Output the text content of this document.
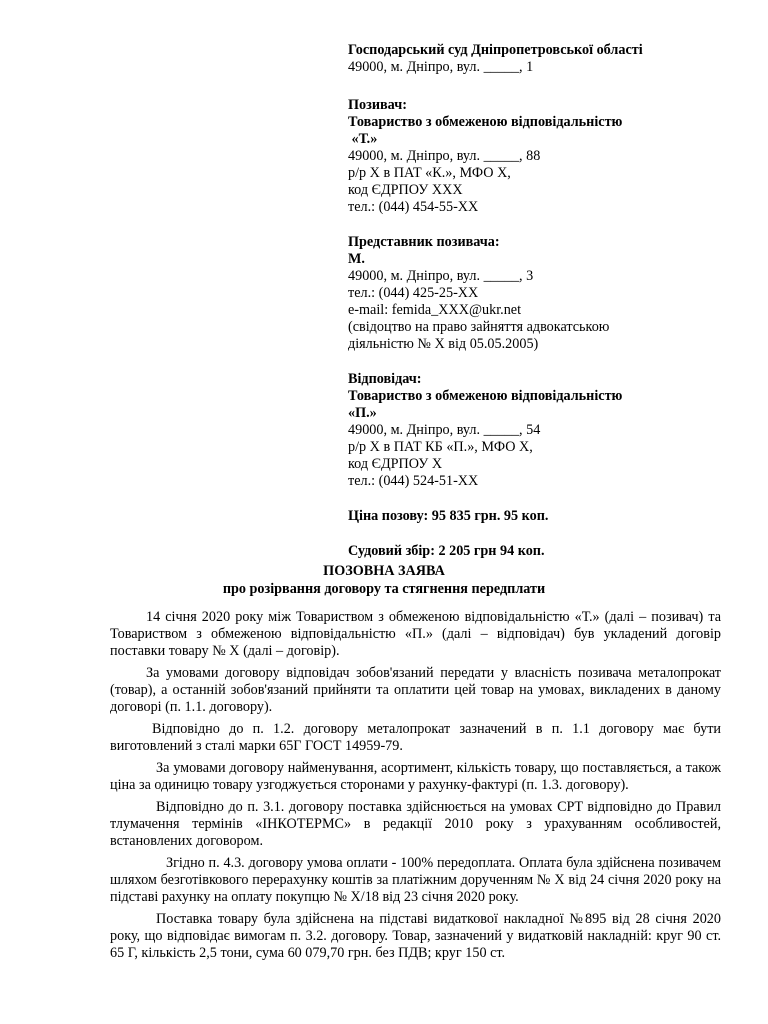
Господарський суд Дніпропетровської області
49000, м. Дніпро, вул. _____, 1
Позивач:
Товариство з обмеженою відповідальністю
«Т.»
49000, м. Дніпро, вул. _____, 88
р/р Х в ПАТ «К.», МФО Х,
код ЄДРПОУ ХХХ
тел.: (044) 454-55-ХХ
Представник позивача:
М.
49000, м. Дніпро, вул. _____, 3
тел.: (044) 425-25-ХХ
e-mail: femida_XXX@ukr.net
(свідоцтво на право зайняття адвокатською
діяльністю № Х від 05.05.2005)
Відповідач:
Товариство з обмеженою відповідальністю
«П.»
49000, м. Дніпро, вул. _____, 54
р/р Х в ПАТ КБ «П.», МФО Х,
код ЄДРПОУ Х
тел.: (044) 524-51-ХХ
Ціна позову: 95 835 грн. 95 коп.
Судовий збір: 2 205 грн 94 коп.
ПОЗОВНА ЗАЯВА
про розірвання договору та стягнення передплати

14 січня 2020 року між Товариством з обмеженою відповідальністю «Т.» (далі – позивач) та Товариством з обмеженою відповідальністю «П.» (далі – відповідач) був укладений договір поставки товару № Х (далі – договір).

За умовами договору відповідач зобов'язаний передати у власність позивача металопрокат (товар), а останній зобов'язаний прийняти та оплатити цей товар на умовах, викладених в даному договорі (п. 1.1. договору).

Відповідно до п. 1.2. договору металопрокат зазначений в п. 1.1 договору має бути виготовлений з сталі марки 65Г ГОСТ 14959-79.

За умовами договору найменування, асортимент, кількість товару, що поставляється, а також ціна за одиницю товару узгоджується сторонами у рахунку-фактурі (п. 1.3. договору).

Відповідно до п. 3.1. договору поставка здійснюється на умовах CPT відповідно до Правил тлумачення термінів «ІНКОТЕРМС» в редакції 2010 року з урахуванням особливостей, встановлених договором.

Згідно п. 4.3. договору умова оплати - 100% передоплата. Оплата була здійснена позивачем шляхом безготівкового перерахунку коштів за платіжним дорученням № Х від 24 січня 2020 року на підставі рахунку на оплату покупцю № Х/18 від 23 січня 2020 року.

Поставка товару була здійснена на підставі видаткової накладної №895 від 28 січня 2020 року, що відповідає вимогам п. 3.2. договору. Товар, зазначений у видатковій накладній: круг 90 ст. 65 Г, кількість 2,5 тони, сума 60 079,70 грн. без ПДВ; круг 150 ст.
